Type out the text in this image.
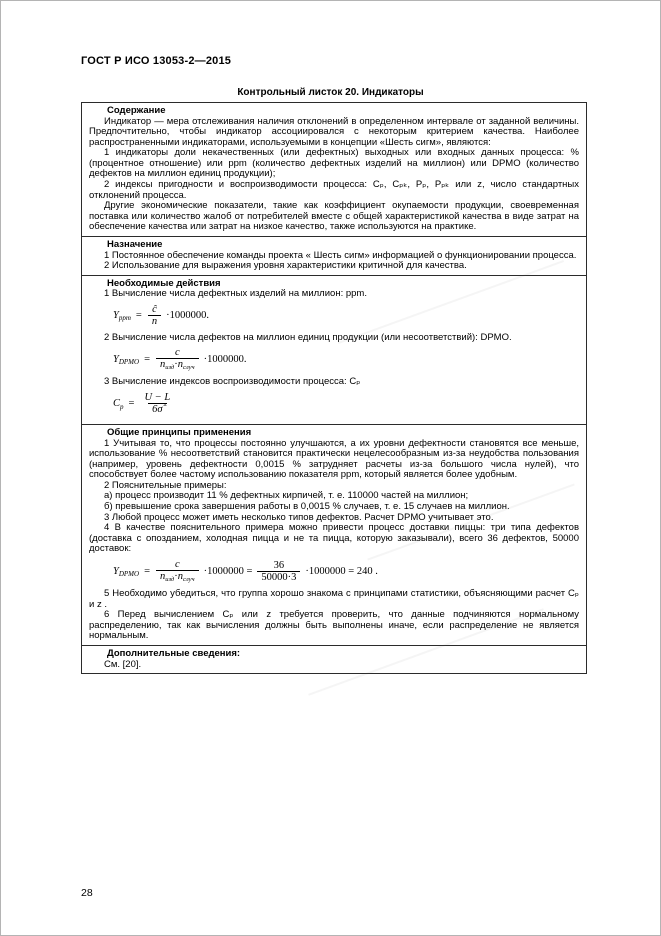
ГОСТ Р ИСО 13053-2—2015
Контрольный листок 20. Индикаторы
Содержание
Индикатор — мера отслеживания наличия отклонений в определенном интервале от заданной величины. Предпочтительно, чтобы индикатор ассоциировался с некоторым критерием качества. Наиболее распространенными индикаторами, используемыми в концепции «Шесть сигм», являются:
1 индикаторы доли некачественных (или дефектных) выходных или входных данных процесса: % (процентное отношение) или ppm (количество дефектных изделий на миллион) или DPMO (количество дефектов на миллион единиц продукции);
2 индексы пригодности и воспроизводимости процесса: Cₚ, Cₚₖ, Pₚ, Pₚₖ или z, число стандартных отклонений процесса.
Другие экономические показатели, такие как коэффициент окупаемости продукции, своевременная поставка или количество жалоб от потребителей вместе с общей характеристикой качества в виде затрат на обеспечение качества или затрат на низкое качество, также используются на практике.
Назначение
1 Постоянное обеспечение команды проекта « Шесть сигм» информацией о функционировании процесса.
2 Использование для выражения уровня характеристики критичной для качества.
Необходимые действия
1 Вычисление числа дефектных изделий на миллион: ppm.
Y ppm = $\frac{ĉ}{n} \cdot 1000000$.
2 Вычисление числа дефектов на миллион единиц продукции (или несоответствий): DPMO.
Y DPMO = $\frac{c}{\text{nизд·nслуч}} \cdot 1000000$.
3 Вычисление индексов воспроизводимости процесса: Cₚ
C $p = \frac{U - L}{6\sigmâ}$
Общие принципы применения
1 Учитывая то, что процессы постоянно улучшаются, а их уровни дефектности становятся все меньше, использование % несоответствий становится практически нецелесообразным из-за неудобства пользования (например, уровень дефектности 0,0015 % затрудняет расчеты из-за большого числа нулей), что способствует более частому использованию показателя ppm, который является более удобным.
2 Пояснительные примеры:
а) процесс производит 11 % дефектных кирпичей, т. е. 110000 частей на миллион;
б) превышение срока завершения работы в 0,0015 % случаев, т. е. 15 случаев на миллион.
3 Любой процесс может иметь несколько типов дефектов. Расчет DPMO учитывает это.
4 В качестве пояснительного примера можно привести процесс доставки пиццы: три типа дефектов (доставка с опозданием, холодная пицца и не та пицца, которую заказывали), всего 36 дефектов, 50000 доставок:
Y DPMO = $\frac{c}{\text{nизд·nслуч}} \cdot 1000000 = \frac{36}{50000\cdot 3} \cdot 1000000 = 240$ .
5 Необходимо убедиться, что группа хорошо знакома с принципами статистики, объясняющими расчет Cₚ и z .
6 Перед вычислением Cₚ или z требуется проверить, что данные подчиняются нормальному распределению, так как вычисления должны быть выполнены иначе, если распределение не является нормальным.
Дополнительные сведения:
См. [20].
28
